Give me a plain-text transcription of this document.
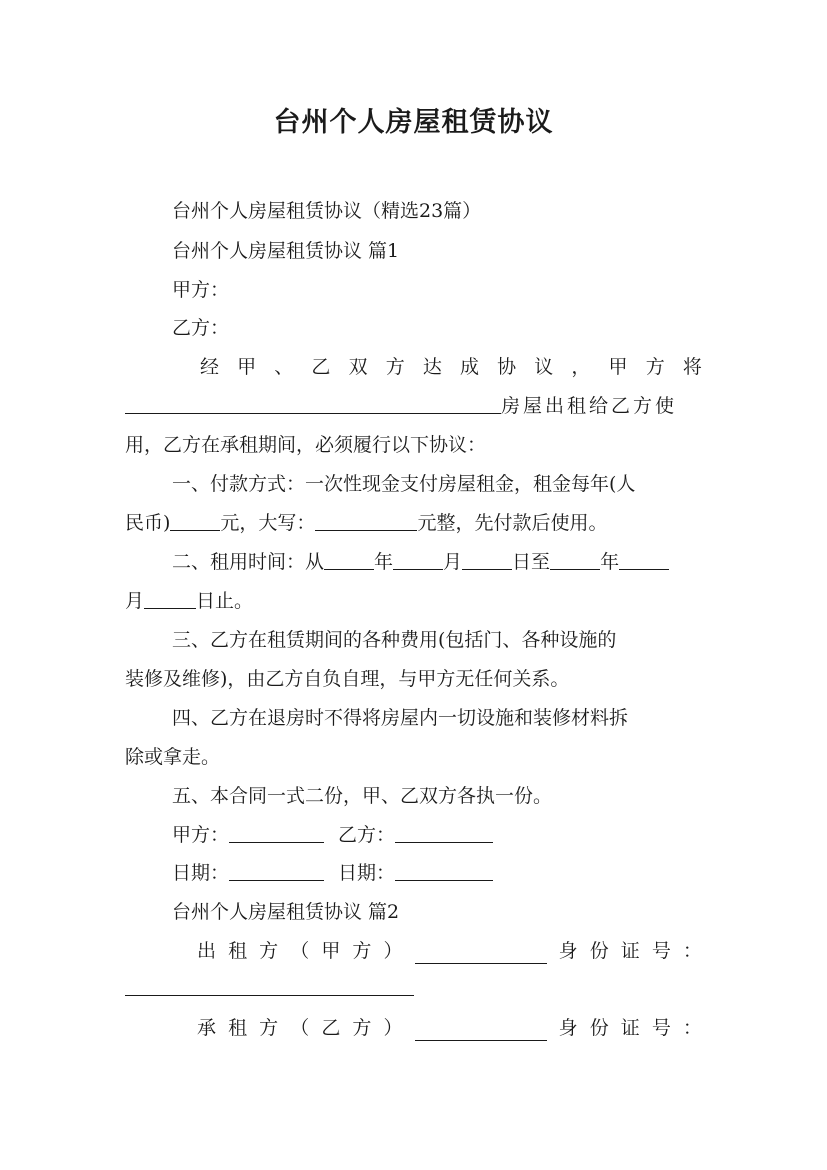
台州个人房屋租赁协议
台州个人房屋租赁协议（精选23篇）
台州个人房屋租赁协议 篇1
甲方：
乙方：
经 甲 、 乙 双 方 达 成 协 议 ， 甲 方 将
房屋出租给乙方使
用，乙方在承租期间，必须履行以下协议：
一、付款方式：一次性现金支付房屋租金，租金每年(人
民币)	元，大写：	元整，先付款后使用。
二、租用时间：从	年	月	日至	年
月	日止。
三、乙方在租赁期间的各种费用(包括门、各种设施的
装修及维修)，由乙方自负自理，与甲方无任何关系。
四、乙方在退房时不得将房屋内一切设施和装修材料拆
除或拿走。
五、本合同一式二份，甲、乙双方各执一份。
甲方：	乙方：
日期：	日期：
台州个人房屋租赁协议 篇2
出 租 方 （ 甲 方 ）	身 份 证 号 ：
承 租 方 （ 乙 方 ）	身 份 证 号 ：
